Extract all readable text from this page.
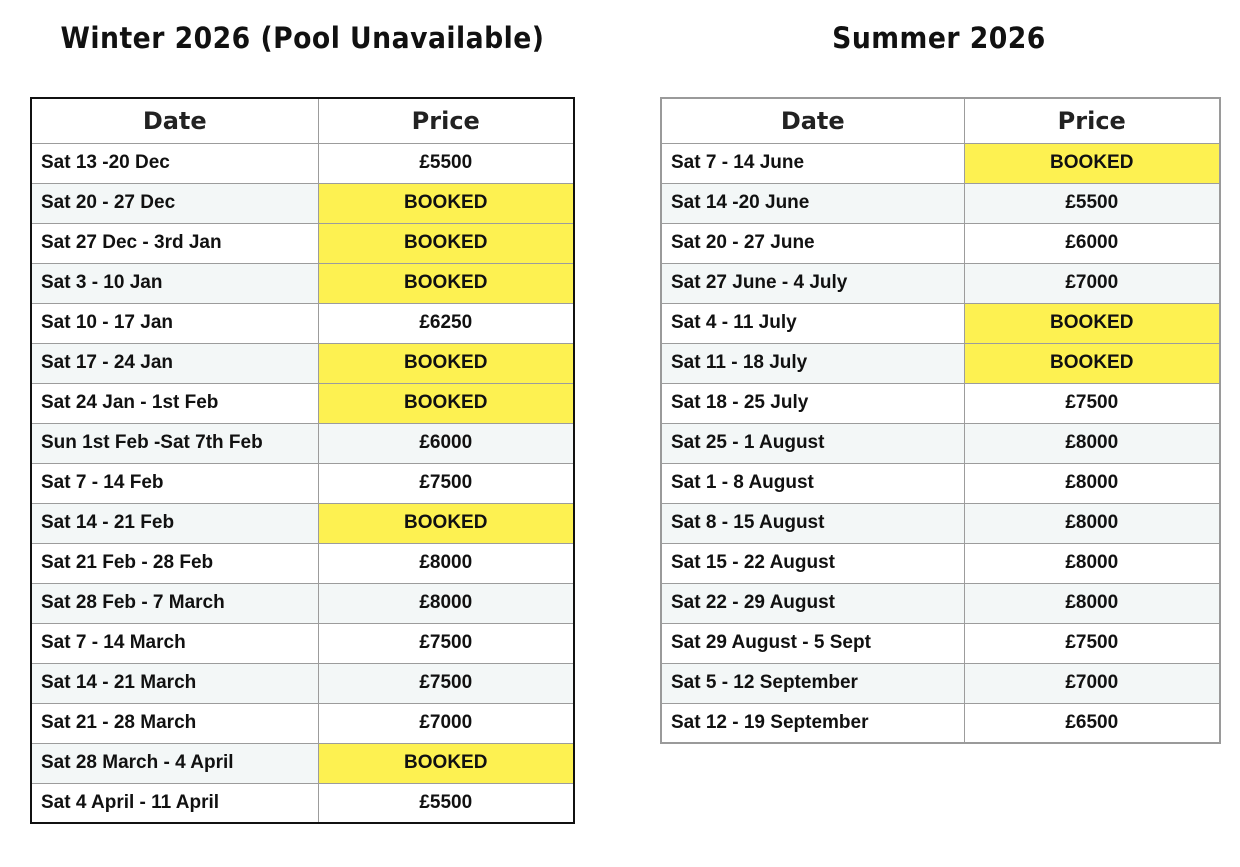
Winter 2026 (Pool Unavailable)	Summer 2026
Date	Price
Sat 13 -20 Dec	£5500
Sat 20 - 27 Dec	BOOKED
Sat 27 Dec - 3rd Jan	BOOKED
Sat 3 - 10 Jan	BOOKED
Sat 10 - 17 Jan	£6250
Sat 17 - 24 Jan	BOOKED
Sat 24 Jan - 1st Feb	BOOKED
Sun 1st Feb -Sat 7th Feb	£6000
Sat 7 - 14 Feb	£7500
Sat 14 - 21 Feb	BOOKED
Sat 21 Feb - 28 Feb	£8000
Sat 28 Feb - 7 March	£8000
Sat 7 - 14 March	£7500
Sat 14 - 21 March	£7500
Sat 21 - 28 March	£7000
Sat 28 March - 4 April	BOOKED
Sat 4 April - 11 April	£5500
Date	Price
Sat 7 - 14 June	BOOKED
Sat 14 -20 June	£5500
Sat 20 - 27 June	£6000
Sat 27 June - 4 July	£7000
Sat 4 - 11 July	BOOKED
Sat 11 - 18 July	BOOKED
Sat 18 - 25 July	£7500
Sat 25 - 1 August	£8000
Sat 1 - 8 August	£8000
Sat 8 - 15 August	£8000
Sat 15 - 22 August	£8000
Sat 22 - 29 August	£8000
Sat 29 August - 5 Sept	£7500
Sat 5 - 12 September	£7000
Sat 12 - 19 September	£6500
